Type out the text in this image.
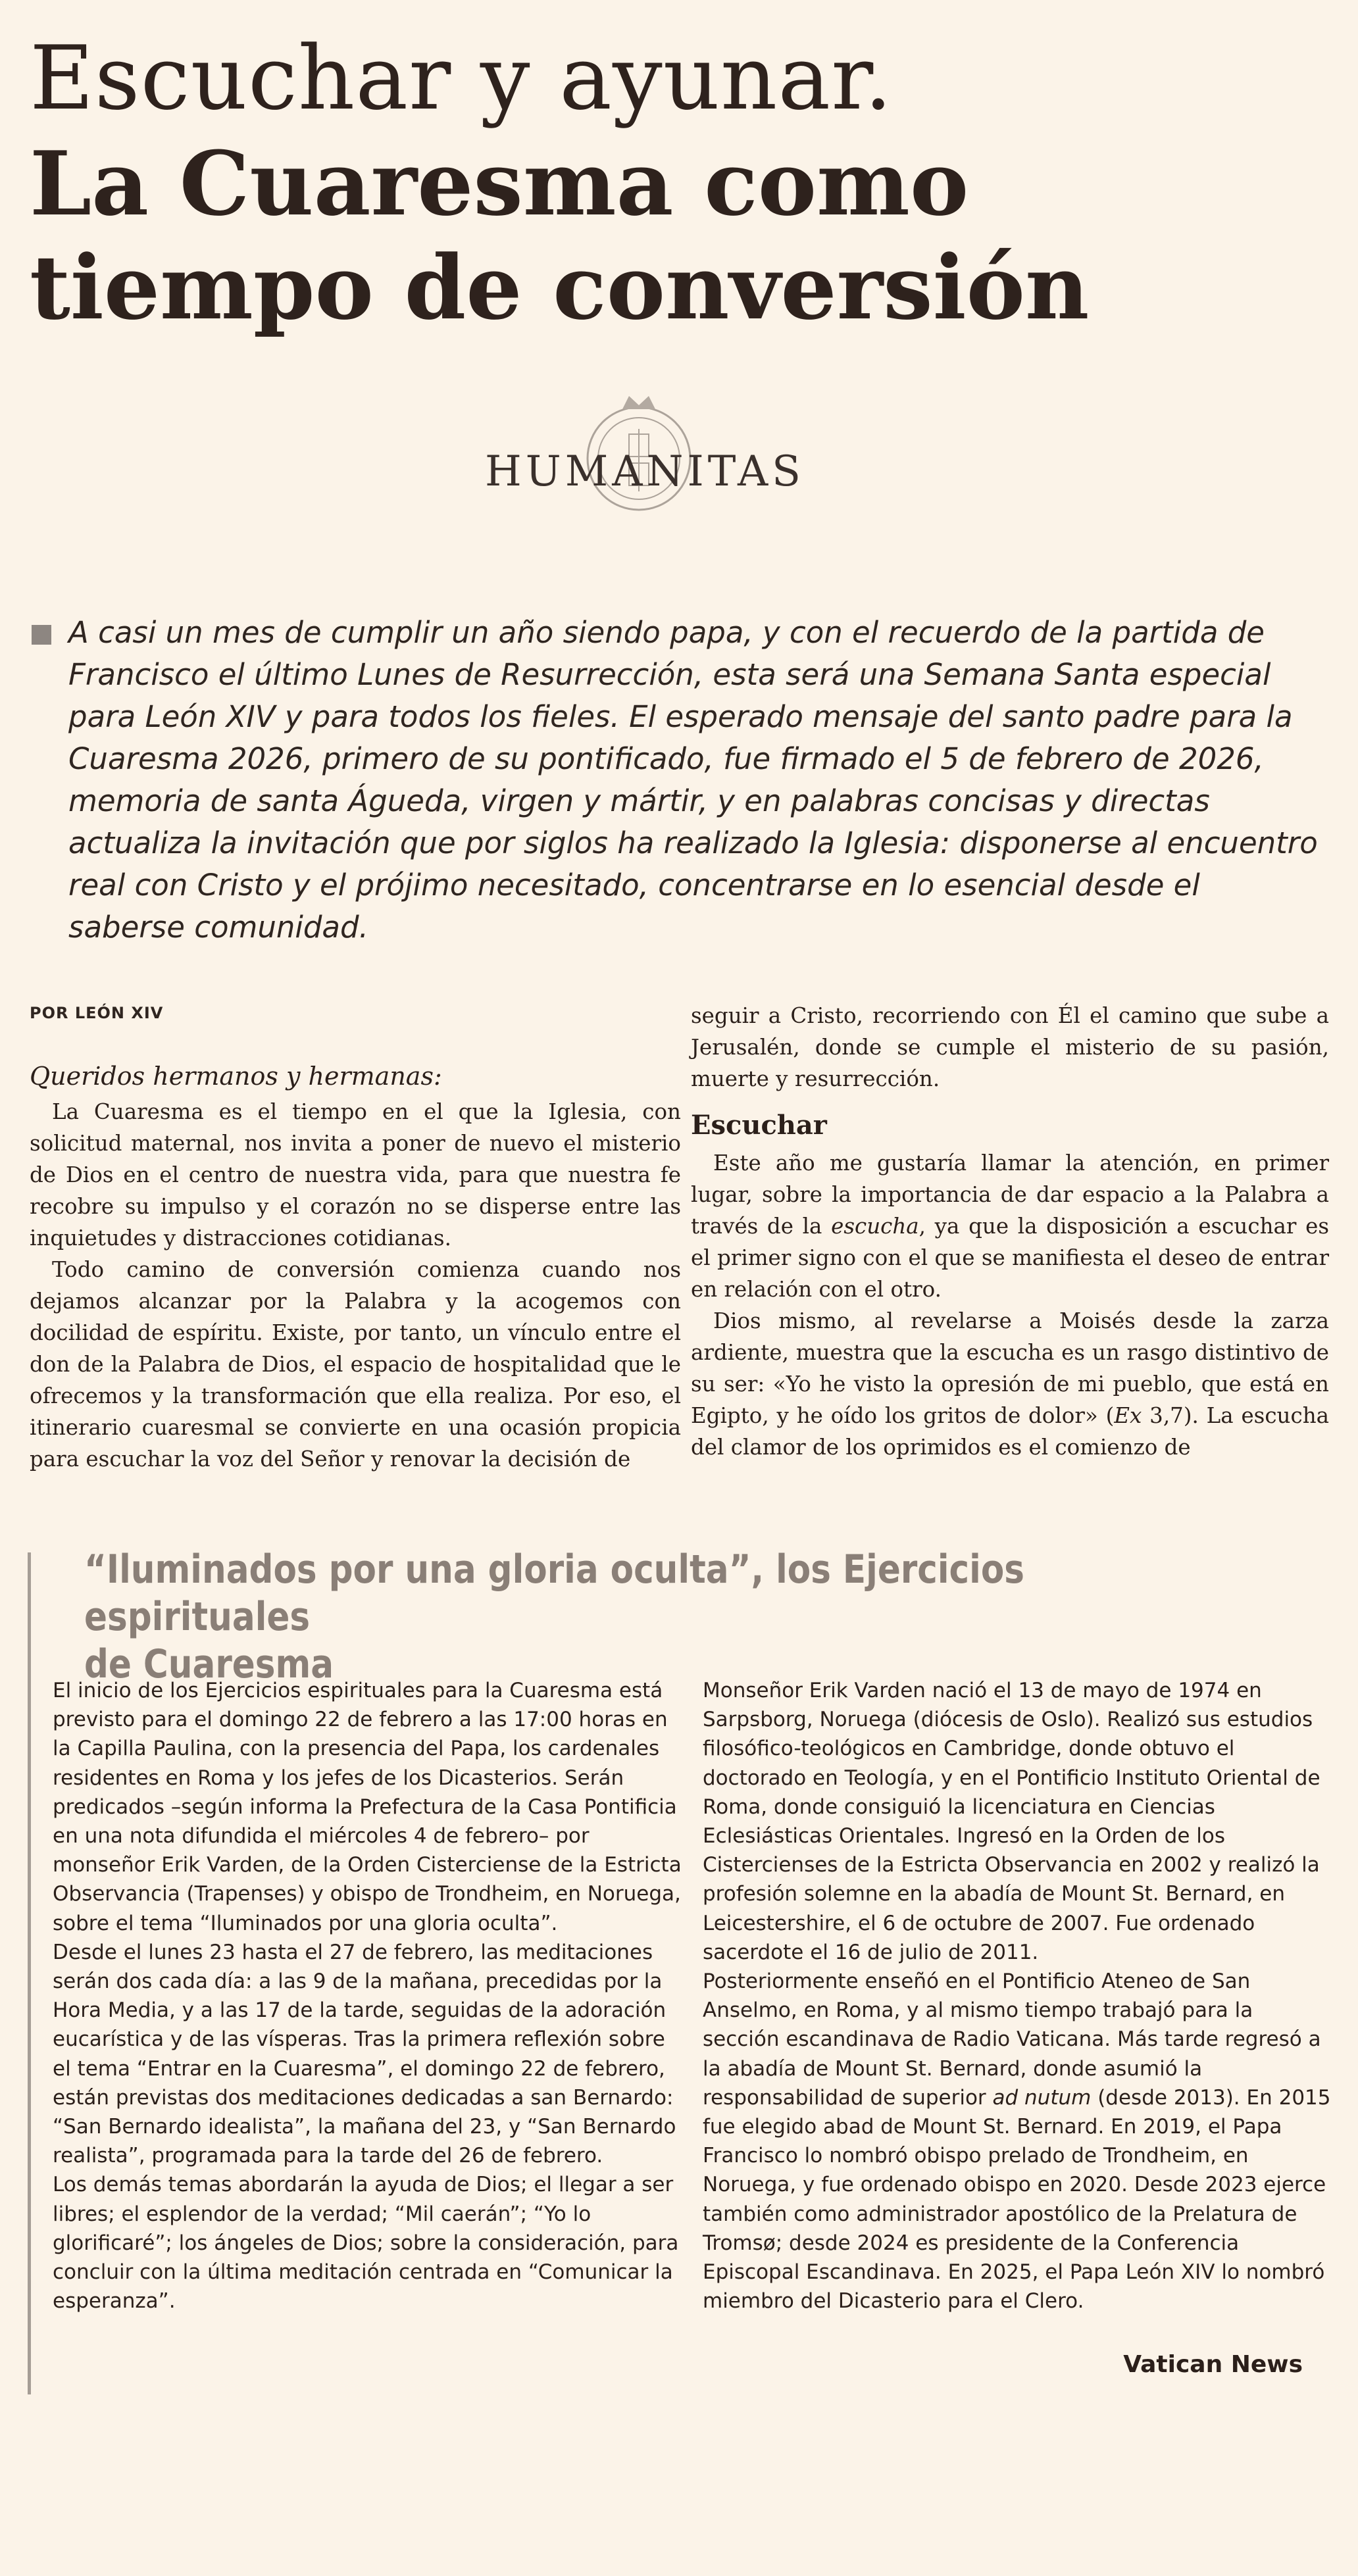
Escuchar y ayunar.
La Cuaresma como
tiempo de conversión
HUMANITAS
A casi un mes de cumplir un año siendo papa, y con el recuerdo de la partida de Francisco el último Lunes de Resurrección, esta será una Semana Santa especial para León XIV y para todos los fieles. El esperado mensaje del santo padre para la Cuaresma 2026, primero de su pontificado, fue firmado el 5 de febrero de 2026, memoria de santa Águeda, virgen y mártir, y en palabras concisas y directas actualiza la invitación que por siglos ha realizado la Iglesia: disponerse al encuentro real con Cristo y el prójimo necesitado, concentrarse en lo esencial desde el saberse comunidad.
POR LEÓN XIV
Queridos hermanos y hermanas:

La Cuaresma es el tiempo en el que la Iglesia, con solicitud maternal, nos invita a poner de nuevo el misterio de Dios en el centro de nuestra vida, para que nuestra fe recobre su impulso y el corazón no se disperse entre las inquietudes y distracciones cotidianas.

Todo camino de conversión comienza cuando nos dejamos alcanzar por la Palabra y la acogemos con docilidad de espíritu. Existe, por tanto, un vínculo entre el don de la Palabra de Dios, el espacio de hospitalidad que le ofrecemos y la transformación que ella realiza. Por eso, el itinerario cuaresmal se convierte en una ocasión propicia para escuchar la voz del Señor y renovar la decisión de

seguir a Cristo, recorriendo con Él el camino que sube a Jerusalén, donde se cumple el misterio de su pasión, muerte y resurrección.

Escuchar

Este año me gustaría llamar la atención, en primer lugar, sobre la importancia de dar espacio a la Palabra a través de la escucha, ya que la disposición a escuchar es el primer signo con el que se manifiesta el deseo de entrar en relación con el otro.

Dios mismo, al revelarse a Moisés desde la zarza ardiente, muestra que la escucha es un rasgo distintivo de su ser: «Yo he visto la opresión de mi pueblo, que está en Egipto, y he oído los gritos de dolor» (Ex 3,7). La escucha del clamor de los oprimidos es el comienzo de

“Iluminados por una gloria oculta”, los Ejercicios espirituales
de Cuaresma

El inicio de los Ejercicios espirituales para la Cuaresma está previsto para el domingo 22 de febrero a las 17:00 horas en la Capilla Paulina, con la presencia del Papa, los cardenales residentes en Roma y los jefes de los Dicasterios. Serán predicados –según informa la Prefectura de la Casa Pontificia en una nota difundida el miércoles 4 de febrero– por monseñor Erik Varden, de la Orden Cisterciense de la Estricta Observancia (Trapenses) y obispo de Trondheim, en Noruega, sobre el tema “Iluminados por una gloria oculta”.

Desde el lunes 23 hasta el 27 de febrero, las meditaciones serán dos cada día: a las 9 de la mañana, precedidas por la Hora Media, y a las 17 de la tarde, seguidas de la adoración eucarística y de las vísperas. Tras la primera reflexión sobre el tema “Entrar en la Cuaresma”, el domingo 22 de febrero, están previstas dos meditaciones dedicadas a san Bernardo: “San Bernardo idealista”, la mañana del 23, y “San Bernardo realista”, programada para la tarde del 26 de febrero.

Los demás temas abordarán la ayuda de Dios; el llegar a ser libres; el esplendor de la verdad; “Mil caerán”; “Yo lo glorificaré”; los ángeles de Dios; sobre la consideración, para concluir con la última meditación centrada en “Comunicar la esperanza”.

Monseñor Erik Varden nació el 13 de mayo de 1974 en Sarpsborg, Noruega (diócesis de Oslo). Realizó sus estudios filosófico-teológicos en Cambridge, donde obtuvo el doctorado en Teología, y en el Pontificio Instituto Oriental de Roma, donde consiguió la licenciatura en Ciencias Eclesiásticas Orientales. Ingresó en la Orden de los Cistercienses de la Estricta Observancia en 2002 y realizó la profesión solemne en la abadía de Mount St. Bernard, en Leicestershire, el 6 de octubre de 2007. Fue ordenado sacerdote el 16 de julio de 2011.

Posteriormente enseñó en el Pontificio Ateneo de San Anselmo, en Roma, y al mismo tiempo trabajó para la sección escandinava de Radio Vaticana. Más tarde regresó a la abadía de Mount St. Bernard, donde asumió la responsabilidad de superior ad nutum (desde 2013). En 2015 fue elegido abad de Mount St. Bernard. En 2019, el Papa Francisco lo nombró obispo prelado de Trondheim, en Noruega, y fue ordenado obispo en 2020. Desde 2023 ejerce también como administrador apostólico de la Prelatura de Tromsø; desde 2024 es presidente de la Conferencia Episcopal Escandinava. En 2025, el Papa León XIV lo nombró miembro del Dicasterio para el Clero.

Vatican News
